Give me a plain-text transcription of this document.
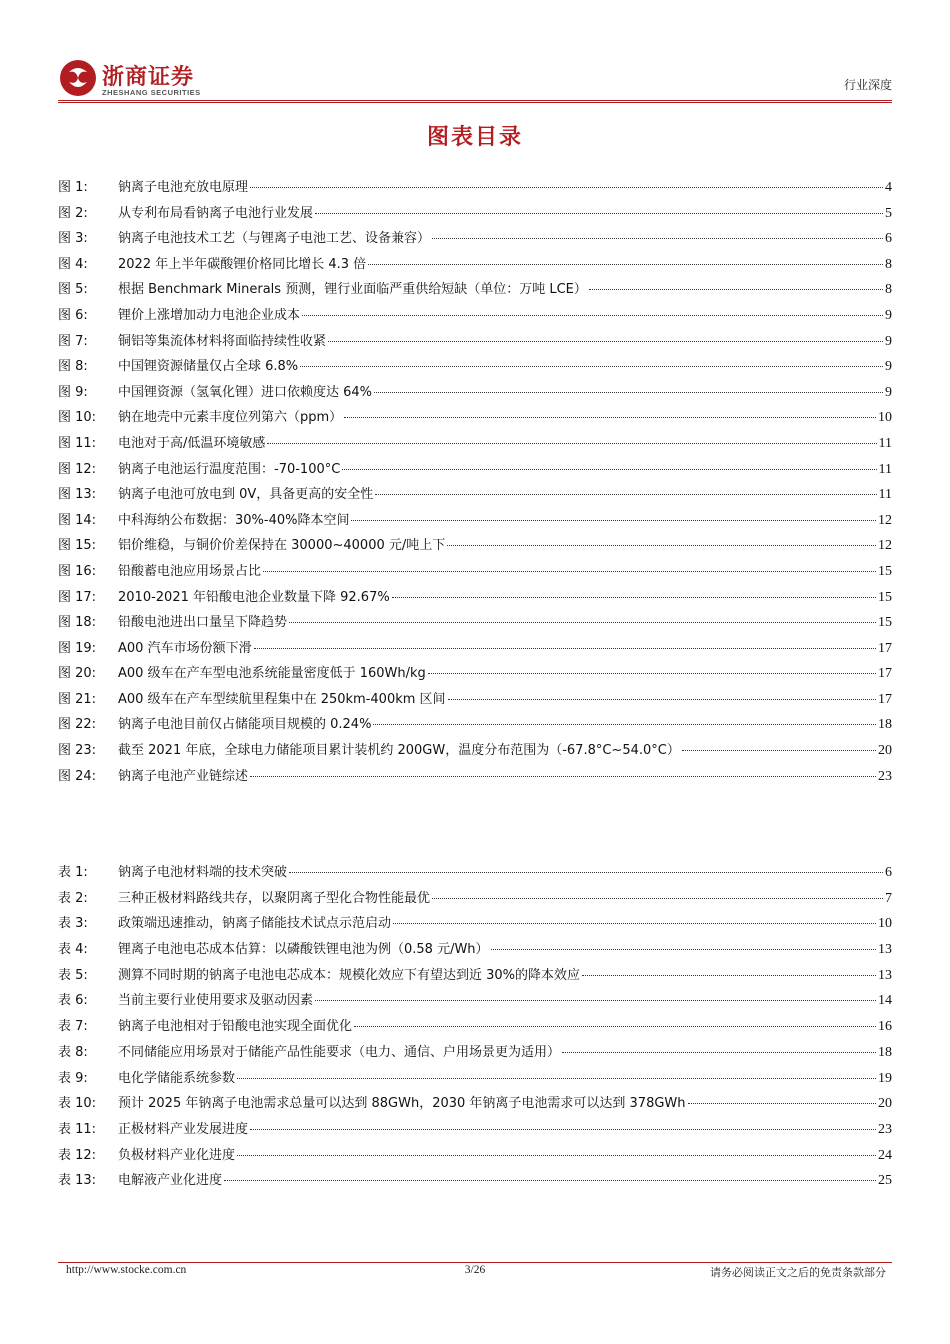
浙商证券
ZHESHANG SECURITIES
行业深度
图表目录
图 1:	钠离子电池充放电原理	4
图 2:	从专利布局看钠离子电池行业发展	5
图 3:	钠离子电池技术工艺（与锂离子电池工艺、设备兼容）	6
图 4:	2022 年上半年碳酸锂价格同比增长 4.3 倍	8
图 5:	根据 Benchmark Minerals 预测，锂行业面临严重供给短缺（单位：万吨 LCE）	8
图 6:	锂价上涨增加动力电池企业成本	9
图 7:	铜铝等集流体材料将面临持续性收紧	9
图 8:	中国锂资源储量仅占全球 6.8%	9
图 9:	中国锂资源（氢氧化锂）进口依赖度达 64%	9
图 10:	钠在地壳中元素丰度位列第六（ppm）	10
图 11:	电池对于高/低温环境敏感	11
图 12:	钠离子电池运行温度范围：-70-100°C	11
图 13:	钠离子电池可放电到 0V，具备更高的安全性	11
图 14:	中科海纳公布数据：30%-40%降本空间	12
图 15:	铝价维稳，与铜价价差保持在 30000~40000 元/吨上下	12
图 16:	铅酸蓄电池应用场景占比	15
图 17:	2010-2021 年铅酸电池企业数量下降 92.67%	15
图 18:	铅酸电池进出口量呈下降趋势	15
图 19:	A00 汽车市场份额下滑	17
图 20:	A00 级车在产车型电池系统能量密度低于 160Wh/kg	17
图 21:	A00 级车在产车型续航里程集中在 250km-400km 区间	17
图 22:	钠离子电池目前仅占储能项目规模的 0.24%	18
图 23:	截至 2021 年底，全球电力储能项目累计装机约 200GW，温度分布范围为（-67.8°C~54.0°C）	20
图 24:	钠离子电池产业链综述	23
表 1:	钠离子电池材料端的技术突破	6
表 2:	三种正极材料路线共存，以聚阴离子型化合物性能最优	7
表 3:	政策端迅速推动，钠离子储能技术试点示范启动	10
表 4:	锂离子电池电芯成本估算：以磷酸铁锂电池为例（0.58 元/Wh）	13
表 5:	测算不同时期的钠离子电池电芯成本：规模化效应下有望达到近 30%的降本效应	13
表 6:	当前主要行业使用要求及驱动因素	14
表 7:	钠离子电池相对于铅酸电池实现全面优化	16
表 8:	不同储能应用场景对于储能产品性能要求（电力、通信、户用场景更为适用）	18
表 9:	电化学储能系统参数	19
表 10:	预计 2025 年钠离子电池需求总量可以达到 88GWh，2030 年钠离子电池需求可以达到 378GWh	20
表 11:	正极材料产业发展进度	23
表 12:	负极材料产业化进度	24
表 13:	电解液产业化进度	25
http://www.stocke.com.cn	3/26	请务必阅读正文之后的免责条款部分
